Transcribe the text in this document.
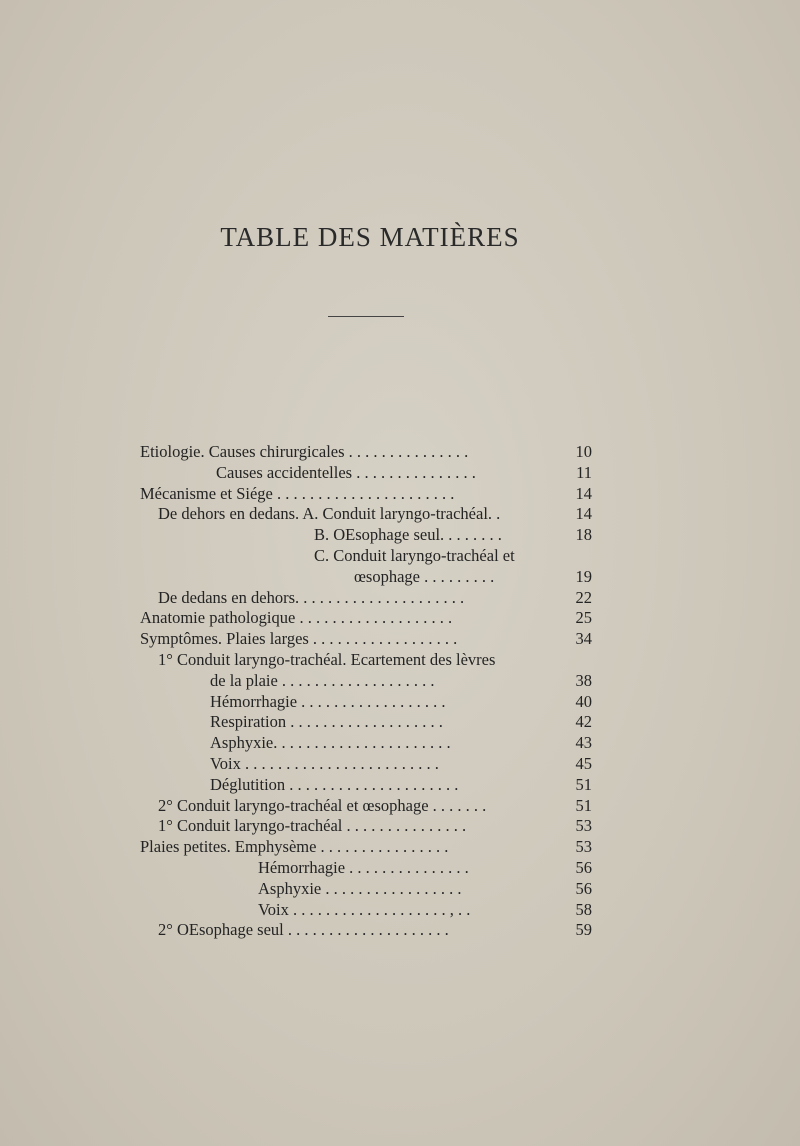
TABLE DES MATIÈRES
Etiologie. Causes chirurgicales . . . . . . . . . . . . . . .	10
Causes accidentelles . . . . . . . . . . . . . . .	11
Mécanisme et Siége . . . . . . . . . . . . . . . . . . . . . .	14
De dehors en dedans. A. Conduit laryngo-trachéal. .	14
B. OEsophage seul. . . . . . . .	18
C. Conduit laryngo-trachéal et
œsophage . . . . . . . . .	19
De dedans en dehors. . . . . . . . . . . . . . . . . . . . .	22
Anatomie pathologique . . . . . . . . . . . . . . . . . . .	25
Symptômes. Plaies larges . . . . . . . . . . . . . . . . . .	34
1° Conduit laryngo-trachéal. Ecartement des lèvres
de la plaie . . . . . . . . . . . . . . . . . . .	38
Hémorrhagie . . . . . . . . . . . . . . . . . .	40
Respiration . . . . . . . . . . . . . . . . . . .	42
Asphyxie. . . . . . . . . . . . . . . . . . . . . .	43
Voix . . . . . . . . . . . . . . . . . . . . . . . .	45
Déglutition . . . . . . . . . . . . . . . . . . . . .	51
2° Conduit laryngo-trachéal et œsophage . . . . . . .	51
1° Conduit laryngo-trachéal . . . . . . . . . . . . . . .	53
Plaies petites. Emphysème . . . . . . . . . . . . . . . .	53
Hémorrhagie . . . . . . . . . . . . . . .	56
Asphyxie . . . . . . . . . . . . . . . . .	56
Voix . . . . . . . . . . . . . . . . . . . , . .	58
2° OEsophage seul . . . . . . . . . . . . . . . . . . . .	59
